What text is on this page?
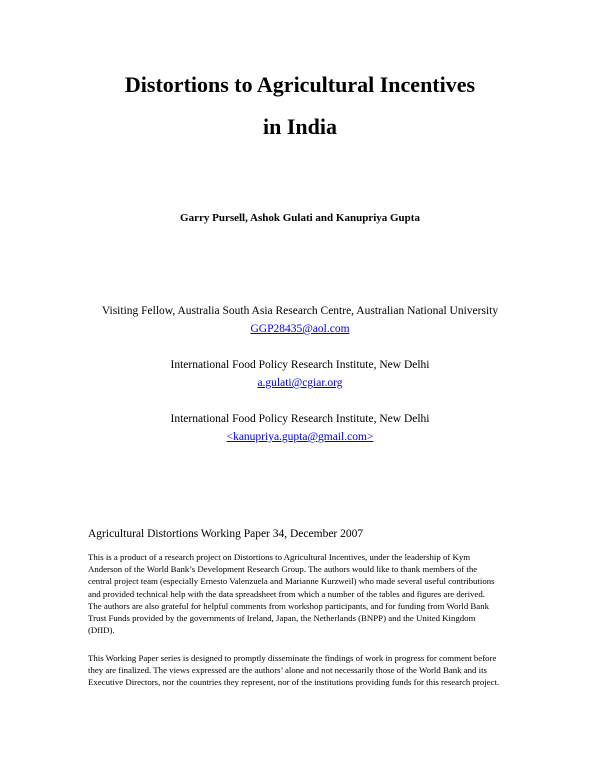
Distortions to Agricultural Incentives
in India
Garry Pursell, Ashok Gulati and Kanupriya Gupta
Visiting Fellow, Australia South Asia Research Centre, Australian National University
GGP28435@aol.com
International Food Policy Research Institute, New Delhi
a.gulati@cgiar.org
International Food Policy Research Institute, New Delhi
<kanupriya.gupta@gmail.com>
Agricultural Distortions Working Paper 34, December 2007
This is a product of a research project on Distortions to Agricultural Incentives, under the leadership of Kym
Anderson of the World Bank’s Development Research Group. The authors would like to thank members of the
central project team (especially Ernesto Valenzuela and Marianne Kurzweil) who made several useful contributions
and provided technical help with the data spreadsheet from which a number of the tables and figures are derived.
The authors are also grateful for helpful comments from workshop participants, and for funding from World Bank
Trust Funds provided by the governments of Ireland, Japan, the Netherlands (BNPP) and the United Kingdom
(DfID).
This Working Paper series is designed to promptly disseminate the findings of work in progress for comment before
they are finalized. The views expressed are the authors’ alone and not necessarily those of the World Bank and its
Executive Directors, nor the countries they represent, nor of the institutions providing funds for this research project.
